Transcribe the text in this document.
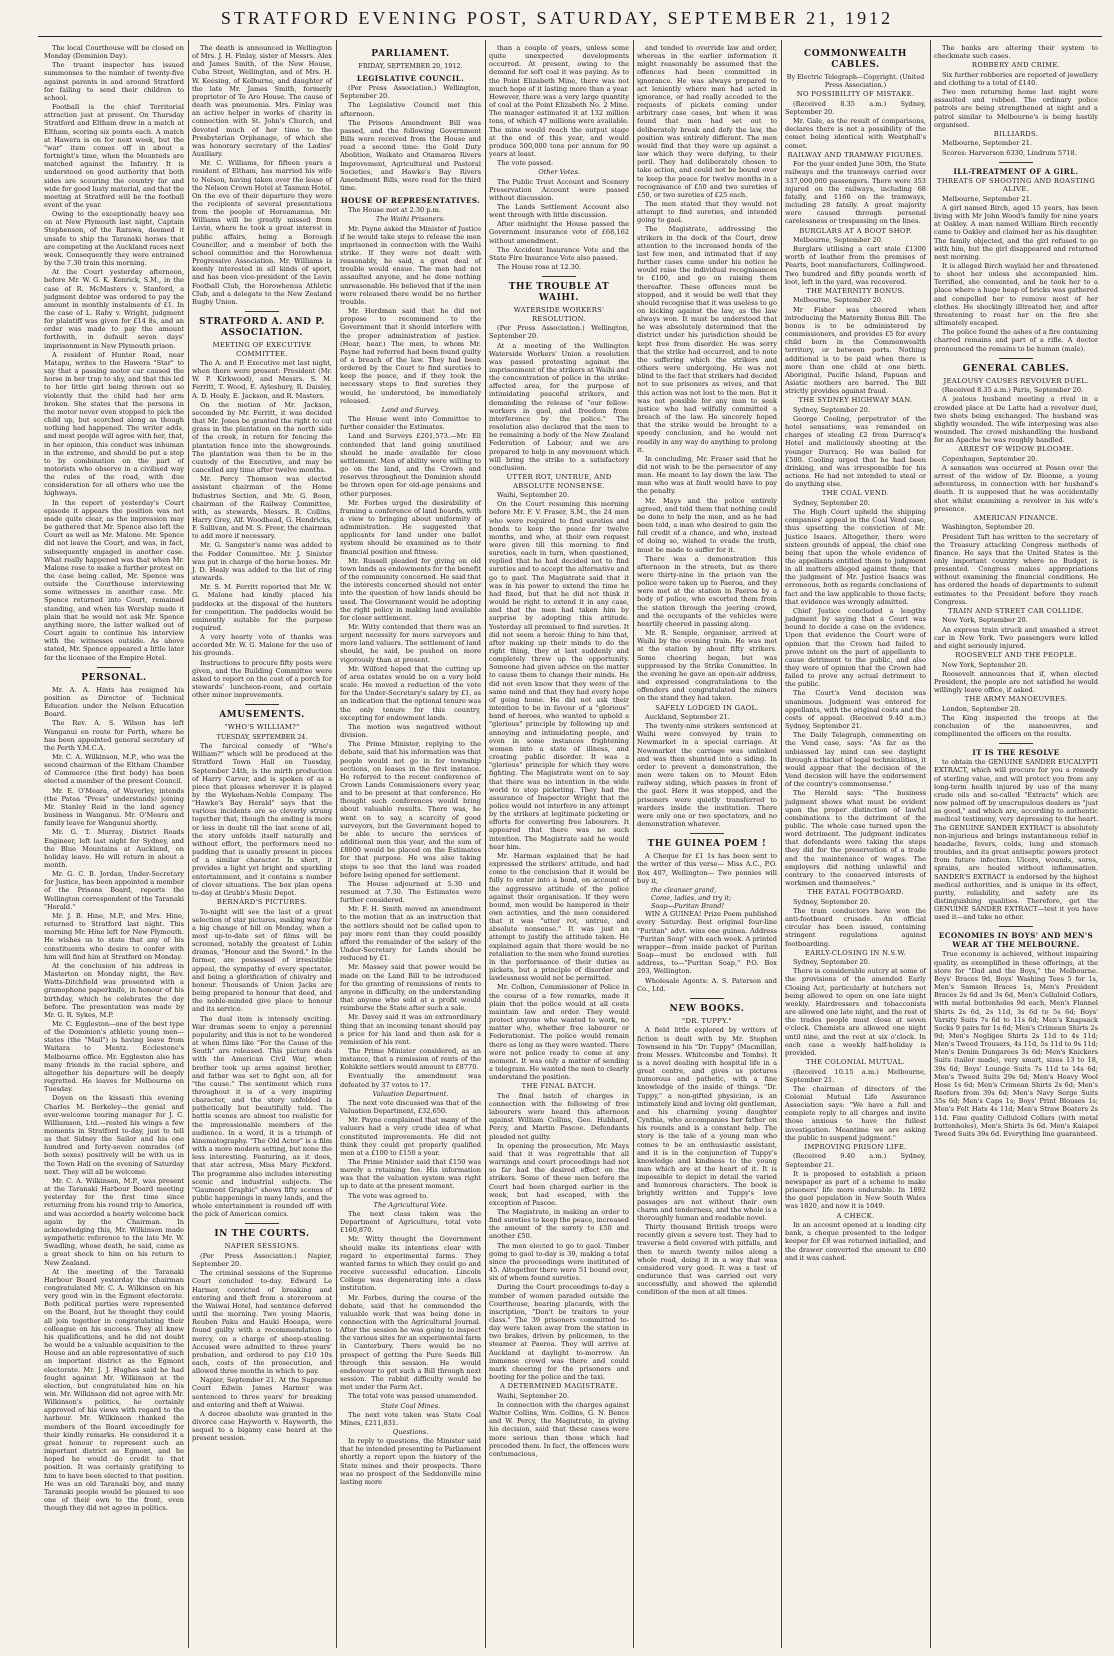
STRATFORD EVENING POST, SATURDAY, SEPTEMBER 21, 1912

The local Courthouse will be closed on Monday (Dominion Day).

The truant inspector has issued summonses to the number of twenty-five against parents in and around Stratford for failing to send their children to school.

Football is the chief Territorial attraction just at present. On Thursday Stratford and Eltham drew in a match at Eltham, scoring six points each. A match at Hawera is on for next week, but the "war" item comes off in about a fortnight's time, when the Mounteds are matched against the Infantry. It is understood on good authority that both sides are scouring the country far and wide for good lusty material, and that the meeting at Stratford will be the football event of the year.

Owing to the exceptionally heavy sea on at New Plymouth last night, Captain Stephenson, of the Rarawa, deemed it unsafe to ship the Taranaki horses that are competing at the Auckland races next week. Consequently they were entrained by the 7.30 train this morning.

At the Court yesterday afternoon, before Mr. W. G. K. Kenrick, S.M., in the case of R. McMasters v. Stanford, a judgment debtor was ordered to pay the amount in monthly instalments of £1. In the case of L. Raby v. Wright, judgment for plaintiff was given for £14 8s, and an order was made to pay the amount forthwith, in default seven days' imprisonment in New Plymouth prison.

A resident of Hunter Road, near Matapu, writes to the Hawera "Star" to say that a passing motor car caused the horse in her trap to shy, and that this led to her little girl being thrown out so violently that the child had her arm broken. She states that the persons in the motor never even stopped to pick the child up, but scorched along as though nothing had happened. The writer adds, and most people will agree with her, that, in her opinion, this conduct was inhuman in the extreme, and should be put a stop to by combination on the part of motorists who observe in a civilised way the rules of the road, with due consideration for all others who use the highways.

In the report of yesterday's Court episode it appears the position was not made quite clear, as the impression may be gathered that Mr. Spence also left the Court as well as Mr. Malone. Mr. Spence did not leave the Court, and was, in fact, subsequently engaged in another case. What really happened was that when Mr. Malone rose to make a further protest on the case being called, Mr. Spence was outside the Courthouse interviewing some witnesses in another case. Mr. Spence returned into Court, remained standing, and when his Worship made it plain that he would not ask Mr. Spence anything more, the latter walked out of Court again to continue his interview with the witnesses outside. As above stated, Mr. Spence appeared a little later for the licensee of the Empire Hotel.

PERSONAL.

Mr. A. A. Hints has resigned his position as Director of Technical Education under the Nelson Education Board.

The Rev. A. S. Wilson has left Wanganui en route for Perth, where he has been appointed general secretary of the Perth Y.M.C.A.

Mr. C. A. Wilkinson, M.P., who was the second chairman of the Eltham Chamber of Commerce (the first body) has been elected a member of the present Council.

Mr. E. O'Meara, of Waverley, intends (the Patea "Press" understands) joining Mr. Stanley Reid in the land agency business in Wanganui. Mr. O'Meara and family leave for Wanganui shortly.

Mr. G. T. Murray, District Roads Engineer, left last night for Sydney, and the Blue Mountains at Auckland, on holiday leave. He will return in about a month.

Mr. G. C. B. Jordan, Under-Secretary for Justice, has been appointed a member of the Prisons Board, reports the Wellington correspondent of the Taranaki "Herald."

Mr. J. B. Hine, M.P., and Mrs. Hine, returned to Stratford last night. This morning Mr. Hine left for New Plymouth. He wishes us to state that any of his constituents who desire to confer with him will find him at Stratford on Monday.

At the conclusion of his address in Masterton on Monday night, the Rev. Watts-Ditchfield was presented with a gramophone paperknife, in honour of his birthday, which he celebrates the day before. The presentation was made by Mr. G. R. Sykes, M.P.

Mr. C. Eggleston—one of the best type of the Dominion's athletic young men—states (the "Mail") is having leave from Waitara to Mentz. Ecclestone's Melbourne office. Mr. Eggleston also has many friends in the racial sphere, and altogether his departure will be deeply regretted. He leaves for Melbourne on Tuesday.

Doyen on the kissasti this evening Charles M. Berkeley—the genial and ever-welcome touring manager for J. C. Williamson, Ltd.—rested his wings a few moments in Stratford to-day, just to tell us that Sidney the Sailor and his one hundred and forty-seven comrades (of both sexes) positively will be with us in the Town Hall on the evening of Saturday next. They will all be welcome.

Mr. C. A. Wilkinson, M.P., was present at the Taranaki Harbour Board meeting yesterday for the first time since returning from his round trip to America, and was accorded a hearty welcome back again by the Chairman. In acknowledging this, Mr. Wilkinson made sympathetic reference to the late Mr. W. Swadling, whose death, he said, came as a great shock to him on his return to New Zealand.

At the meeting of the Taranaki Harbour Board yesterday the chairman congratulated Mr. C. A. Wilkinson on his very good win in the Egmont electorate. Both political parties were represented on the Board, but he thought they could all join together in congratulating their colleague on his success. They all knew his qualifications, and he did not doubt he would be a valuable acquisition to the House and an able representative of such an important district as the Egmont electorate. Mr. J. J. Hughes said he had fought against Mr. Wilkinson at the election, but congratulated him on his win. Mr. Wilkinson did not agree with Mr. Wilkinson's politics, he certainly approved of his views with regard to the harbour. Mr. Wilkinson thanked the members of the Board exceedingly for their kindly remarks. He considered it a great honour to represent such an important district as Egmont, and he hoped he would do credit to that position. It was certainly gratifying to him to have been elected to that position. He was an old Taranaki boy, and many Taranaki people would be pleased to see one of their own to the front, even though they did not agree in politics.

The death is announced in Wellington of Mrs. J. H. Finlay, sister of Messrs. Alex and James Smith, of the New House, Cuba Street, Wellington, and of Mrs. H. W. Keesing, of Kelburne, and daughter of the late Mr. James Smith, formerly proprietor of Te Aro House. The cause of death was pneumonia. Mrs. Finlay was an active helper in works of charity in connection with St. John's Church, and devoted much of her time to the Presbyterian Orphanage, of which she was honorary secretary of the Ladies' Auxiliary.

Mr. C. Williams, for fifteen years a resident of Eltham, has married his wife to Nelson, having taken over the lease of the Nelson Crown Hotel at Tasman Hotel. On the eve of their departure they were the recipients of several presentations from the people of Horoamanua. Mr. Williams will be greatly missed from Levin, where he took a great interest in public affairs, being a Borough Councillor, and a member of both the school committee and the Horowhenua Progressive Association. Mr. Williams is keenly interested in all kinds of sport, and has been vice-president of the Levin Football Club, the Horowhenua Athletic Club, and a delegate to the New Zealand Rugby Union.

STRATFORD A. AND P. ASSOCIATION.
MEETING OF EXECUTIVE COMMITTEE.

The A. and P. Executive met last night, when there were present: President (Mr. W. P. Kirkwood), and Messrs. S. M. Ferritt, T. Wood, E. Aylesbury, R. Daisley, A. D. Healy, E. Jackson, and R. Masters.

On the motion of Mr. Jackson, seconded by Mr. Ferritt, it was decided that Mr. Jones be granted the right to cut grass in the plantation on the north side of the creek, in return for fencing the plantation fence into the showgrounds. The plantation was then to be in the custody of the Executive, and may be cancelled any time after twelve months.

Mr. Percy Thomson was elected assistant chairman of the Home Industries Section, and Mr. G. Boon, chairman of the Railway Committee, with, as stewards, Messrs. R. Collins, Harry Grey, Alf. Woodhead, G. Hendricks, F. Sullivan, and M. S. Freer, the chairman to add more if necessary.

Mr. G. Sangster's name was added to the Fodder Committee. Mr. J. Sinister was put in charge of the horse boxes. Mr. J. D. Healy was added to the list of ring stewards.

Mr. S. M. Ferritt reported that Mr. W. G. Malone had kindly placed his paddocks at the disposal of the hunters for competition. The paddocks would be eminently suitable for the purpose required.

A very hearty vote of thanks was accorded Mr. W. G. Malone for the use of his grounds.

Instructions to procure fifty posts were given, and the Building Committee were asked to report on the cost of a porch for stewards' luncheon-room, and certain other minor improvements.

AMUSEMENTS.
"WHO'S WILLIAM?"
TUESDAY, SEPTEMBER 24.

The farcical comedy of "Who's William?" which will be produced at the Stratford Town Hall on Tuesday, September 24th, is the mirth production of Harry Carver, and is spoken of as a piece that pleases wherever it is played by the Wykeham-Noble Company. The "Hawke's Bay Herald" says that the various incidents are so cleverly strung together that, though the ending is more or less in doubt till the last scene of all, the story unfolds itself naturally and without effort, the performers need no padding that is usually present in pieces of a similar character. In short, it provides a light yet bright and sparkling entertainment, and it contains a number of clever situations. The box plan opens to-day at Grubb's Music Depot.

BERNARD'S PICTURES.

To-night will see the last of a great selection of star pictures, making way for a big change of bill on Monday, when a most up-to-date set of films will be screened, notably the greatest of Lubin dramas, "Honour and the Sword." In the former, are possessed of irresistible appeal, the sympathy of every spectator, and being a glorification of chivalry and honour. Thousands of Union Jacks are being prepared to honour that deed, and the noble-minded give place to honour and its service.

The dual item is intensely exciting. War dramas seem to enjoy a perennial popularity, and this is not to be wondered at when films like "For the Cause of the South" are released. This picture deals with the American Civil War, when brother took up arms against brother, and father was set to fight son, all for "the cause." The sentiment which runs throughout it is of a very inspiring character, and the story unfolded is pathetically but beautifully told. The battle scenes are almost too realistic for the impressionable members of the audience. In a word, it is a triumph of kinematography. "The Old Actor" is a film with a more modern setting, but none the less interesting. Featuring, as it does, that star actress, Miss Mary Pickford. The programme also includes interesting scenic and industrial subjects. The "Gaumont Graphic" shows fifty scenes of public happenings in many lands, and the whole entertainment is rounded off with the pick of American comics.

IN THE COURTS.
NAPIER SESSIONS.

(Per Press Association.) Napier, September 20.

The criminal sessions of the Supreme Court concluded to-day. Edward Le Harmer, convicted of breaking and entering and theft from a storeroom at the Waiwai Hotel, had sentence deferred until the morning. Two young Maoris, Reuben Paku and Hauki Hoeapa, were found guilty with a recommendation to mercy, on a charge of sheep-stealing. Accused were admitted to three years' probation, and ordered to pay £10 10s each, costs of the prosecution, and allowed three months in which to pay.

Napier, September 21. At the Supreme Court Edwin James Harmer was sentenced to three years' for breaking and entering and theft at Waiwai.

A decree absolute was granted in the divorce case Hayworth v. Hayworth, the sequel to a bigamy case heard at the present session.

PARLIAMENT.
FRIDAY, SEPTEMBER 20, 1912.
LEGISLATIVE COUNCIL.

(Per Press Association.) Wellington, September 20.

The Legislative Council met this afternoon.

The Prisons Amendment Bill was passed, and the following Government Bills were received from the House and read a second time: the Gold Duty Abolition, Waikato and Otamaroa Rivers Improvement, Agricultural and Pastoral Societies, and Hawke's Bay Rivers Amendment Bills, were read for the third time.

HOUSE OF REPRESENTATIVES.

The House met at 2.30 p.m.

The Waihi Prisoners.

Mr. Payne asked the Minister of Justice if he would take steps to release the men imprisoned in connection with the Waihi strike. If they were not dealt with reasonably, he said, a great deal of trouble would ensue. The men had not assaulted anyone, and he done nothing unreasonable. He believed that if the men were released there would be no further trouble.

Mr. Herdman said that he did not propose to recommend to the Government that it should interfere with the proper administration of justice. (Hear, hear.) The men, to whom Mr. Payne had referred had been found guilty of a breach of the law. They had been ordered by the Court to find sureties to keep the peace, and if they took the necessary steps to find sureties they would, he understood, be immediately released.

Land and Survey.

The House went into Committee to further consider the Estimates.

Land and Surveys £201,573.—Mr. Ell contended that land going unutilised should be made available for close settlement. Men of ability were willing to go on the land, and the Crown and reserves throughout the Dominion should be thrown open for old-age pensions and other purposes.

Mr. Forbes urged the desirability of framing a conference of land boards, with a view to bringing about uniformity of administration. He suggested that applicants for land under one ballot system should be examined as to their financial position and fitness.

Mr. Russell pleaded for giving on old town lands as endowments for the benefit of the community concerned. He said that the interests concerned should not enter into the question of how lands should be used. The Government would be adopting the right policy in making land available for closer settlement.

Mr. Witty contended that there was an urgent necessity for more surveyors and more land valuers. The settlement of land should, he said, be pushed on more vigorously than at present.

Mr. Wilford hoped that the cutting up of area estates would be on a very bold scale. He moved a reduction of the vote for the Under-Secretary's salary by £1, as an indication that the optional tenure was the only tenure for this country, excepting for endowment lands.

The motion was negatived without division.

The Prime Minister, replying to the debate, said that his information was that people would not go in for township sections, on leases in the first instance. He referred to the recent conference of Crown Lands Commissioners every year, and to be present at that conference. He thought such conferences would bring about valuable results. There was, he went on to say, a scarcity of good surveyors, but the Government hoped to be able to secure the services of additional men this year, and the sum of £8000 would be placed on the Estimates for that purpose. He was also taking steps to see that the land was roaded before being opened for settlement.

The House adjourned at 5.30 and resumed at 7.30. The Estimates were further considered.

Mr. F. H. Smith moved an amendment to the motion that as an instruction that the settlers should not be called upon to pay more rent than they could possibly afford the remainder of the salary of the Under-Secretary for Lands should be reduced by £1.

Mr. Massey said that power would be made on the Land Bill to be introduced for the granting of remissions of rents to anyone in difficulty, on the understanding that anyone who sold at a profit would reimburse the State after such a sale.

Mr. Davey said it was an extraordinary thing that an incoming tenant should pay a price for his land and then ask for a remission of his rent.

The Prime Minister considered, as an instance, that a remission of rents of the Kohikite settlers would amount to £8770.

Eventually the amendment was defeated by 37 votes to 17.

Valuation Department.

The next vote discussed was that of the Valuation Department, £32,650.

Mr. Payne complained that many of the valuers had a very crude idea of what constituted improvements. He did not think they could get properly qualified men at a £100 to £150 a year.

The Prime Minister said that £150 was merely a retaining fee. His information was that the valuation system was right up to date at the present moment.

The vote was agreed to.

The Agricultural Vote.

The next class taken was the Department of Agriculture, total vote £160,870.

Mr. Witty thought the Government should make its intentions clear with regard to experimental farms. They wanted farms to which they could go and receive successful education. Lincoln College was degenerating into a class institution.

Mr. Forbes, during the course of the debate, said that he commended the valuable work that was being done in connection with the Agricultural Journal. After the session he was going to inspect the various sites for an experimental farm in Canterbury. There would be no prospect of getting the Pure Seeds Bill through this session. He would endeavour to get such a Bill through next session. The rabbit difficulty would be met under the Farm Act.

The total vote was passed unamended.

State Coal Mines.

The next vote taken was State Coal Mines, £211,831.

Questions.

In reply to questions, the Minister said that he intended presenting to Parliament shortly a report upon the history of the State mines and their prospects. There was no prospect of the Seddonville mine lasting more

than a couple of years, unless some quite unexpected developments occurred. At present, owing to the demand for soft coal it was paying. As to the Point Elizabeth Mine, there was not much hope of it lasting more than a year. However, there was a very large quantity of coal at the Point Elizabeth No. 2 Mine. The manager estimated it at 132 million tons, of which 47 millions were available. The mine would reach the output stage at the end of this year, and would produce 500,000 tons per annum for 90 years at least.

The vote passed.

Other Votes.

The Public Trust Account and Scenery Preservation Account were passed without discussion.

The Lands Settlement Account also went through with little discussion.

After midnight the House passed the Government insurance vote of £68,162 without amendment.

The Accident Insurance Vote and the State Fire Insurance Vote also passed.

The House rose at 12.30.

THE TROUBLE AT WAIHI.
WATERSIDE WORKERS' RESOLUTION.

(Per Press Association.) Wellington, September 20.

At a meeting of the Wellington Waterside Workers' Union a resolution was passed protesting against the imprisonment of the strikers at Waihi and the concentration of police in the strike-affected area, for the purpose of intimidating peaceful strikers, and demanding the release of "our fellow-workers in gaol, and freedom from interference by the police." The resolution also declared that the men to be remaining a body of the New Zealand Federation of Labour, and we are prepared to help in any movement which will bring the strike to a satisfactory conclusion.

UTTER ROT, UNTRUE, AND ABSOLUTE NONSENSE.

Waihi, September 20.

On the Court resuming this morning before Mr. F. V. Fraser, S.M., the 24 men who were required to find sureties and bonds to keep the peace for twelve months, and who, at their own request were given till this morning to find sureties, each in turn, when questioned, replied that he had decided not to find sureties and to accept the alternative and go to gaol. The Magistrate said that it was in his power to extend the time he had fixed, but that he did not think it would be right to extend it in any case, and that the men had taken him by surprise by adopting this attitude. Yesterday all promised to find sureties. It did not seem a heroic thing to him that, after making up their minds to do the right thing, they at last suddenly and completely threw up the opportunity. Someone had given advice on the matter to cause them to change their minds. He did not even know that they were of the same mind and that they had every hope of going home. He did not ask their intention to be in favour of a "glorious" band of heroes, who wanted to uphold a "glorious" principle by following up and annoying and intimidating people, and even in some instances frightening women into a state of illness, and creating public disorder. It was a "glorious" principle for which they were fighting. The Magistrate went on to say that there was no intention in the wide world to stop picketing. They had the assurance of Inspector Wright that the police would not interfere in any attempt by the strikers at legitimate picketing or efforts for converting free labourers. It appeared that there was no such intention. The Magistrate said he would hear him.

Mr. Harman explained that he had expressed the strikers' attitude, and had come to the conclusion that it would be fully to enter into a bond, on account of the aggressive attitude of the police against their organisation. If they were bound, men would be hampered in their own activities, and the men considered that it was "utter rot, untrue, and absolute nonsense." It was just an attempt to justify the attitude taken. He explained again that there would be no retaliation to the men who found sureties in the performance of their duties as pickets, but a principle of disorder and lawlessness would not be permitted.

Mr. Colbon, Commissioner of Police in the course of a few remarks, made it plain that the police would at all costs maintain law and order. They would protect anyone who wanted to work, no matter who, whether free labourer or Federationist. The police would remain there as long as they were wanted. There were not police ready to come at any moment. It was only a matter of sending a telegram. He wanted the men to clearly understand the position.

THE FINAL BATCH.

The final batch of charges in connection with the following of free labourers were heard this afternoon against William Collins, Geo. Hubbard, Percy, and Martin Pascoe. Defendants pleaded not guilty.

In opening the prosecution, Mr. Mays said that it was regrettable that all warnings and court proceedings had not so far had the desired effect on the strikers. Some of these men before the Court had been charged earlier in the week, but had escaped, with the exception of Pascoe.

The Magistrate, in making an order to find sureties to keep the peace, increased the amount of the surety to £50 and another £50.

The men elected to go to gaol. Timber going to gaol to-day is 39, making a total since the proceedings were instituted of 45. Altogether there were 51 bound over, six of whom found sureties.

During the Court proceedings to-day a number of women paraded outside the Courthouse, bearing placards, with the inscription, "Don't be traitors to your class." The 39 prisoners committed to-day were taken away from the station in two brakes, driven by policemen, to the steamer at Paeroa. They will arrive at Auckland at daylight to-morrow. An immense crowd was there and could mark cheering for the prisoners and booting for the police and the taxi.

A DETERMINED MAGISTRATE.

Waihi, September 20.

In connection with the charges against Walter Collins, Wm. Collins, G. N. Bence and W. Percy, the Magistrate, in giving his decision, said that these cases were more serious than those which had preceded them. In fact, the offences were contumacious,

and tended to override law and order, whereas in the earlier information it might reasonably be assumed that the offences had been committed in ignorance. He was always prepared to act leniently where men had acted in ignorance, or had really acceded to the requests of pickets coming under arbitrary case cases, but when it was found that men had set out to deliberately break and defy the law, the position was entirely different. The men would find that they were up against a law which they were defying, to their peril. They had deliberately chosen to take action, and could not be bound over to keep the peace for twelve months in a recognisance of £50 and two sureties of £50, or two sureties of £25 each.

The men stated that they would not attempt to find sureties, and intended going to gaol.

The Magistrate, addressing the strikers in the dock of the Court, drew attention to the increased bonds of the last few men, and intimated that if any further cases came under his notice he would raise the individual recognisances to £100, and go on raising them thereafter. These offences must be stopped, and it would be well that they should recognise that it was useless to go on kicking against the law, as the law always won. It must be understood that he was absolutely determined that the district under his jurisdiction should be kept free from disorder. He was sorry that the strike had occurred, and to note the suffering which the strikers and others were undergoing. He was not blind to the fact that strikers had decided not to sue prisoners as wives, and that this action was not lost to the men. But it was not possible for any man to seek justice who had wilfully committed a breach of the law. He sincerely hoped that the strike would be brought to a speedy conclusion, and he would not readily in any way do anything to prolong it.

In concluding, Mr. Fraser said that he did not wish to be the persecutor of any man. He meant to lay down the law. The man who was at fault would have to pay the penalty.

Mr. Mays and the police entirely agreed, and told them that nothing could be done to help the men, and as he had been told, a man who desired to gain the full credit of a chance, and who, instead of doing so, wished to evade the truth, must be made to suffer for it.

There was a demonstration this afternoon in the streets, but as there were thirty-nine in the prison van the police were taken up to Paeroa, and they were met at the station in Paeroa by a body of police, who escorted them from the station through the jeering crowd, and the occupants of the vehicles were heartily cheered in passing along.

Mr. R. Semple, organiser, arrived at Waihi by the evening train. He was met at the station by about fifty strikers. Some cheering began, but was suppressed by the Strike Committee. In the evening he gave an open-air address, and expressed congratulations to the offenders and congratulated the miners on the stand they had taken.

SAFELY LODGED IN GAOL.

Auckland, September 21.

The twenty-nine strikers sentenced at Waihi were conveyed by train to Newmarket in a special carriage. At Newmarket the carriage was unlinked and was then shunted into a siding. In order to prevent a demonstration, the men were taken on to Mount Eden railway siding, which passes in front of the gaol. Here it was stopped, and the prisoners were quietly transferred to warders inside the institution. There were only one or two spectators, and no demonstration whatever.

THE GUINEA POEM !

A Cheque for £1 1s has been sent to the writer of this verse— Miss A.C., P.O. Box 407, Wellington— Two pennies will buy it,

the cleanser grand,

Come, ladies, and try it;

Soap—Puritan Brand!

WIN A GUINEA! Prize Poem published every Saturday. Best original four-line "Puritan" advt. wins one guinea. Address "Puritan Soap" with each week. A printed wrapper—from inside packet of Puritan Soap—must be enclosed with full address, to—"Puritan Soap," P.O. Box 203, Wellington.

Wholesale Agents: A. S. Paterson and Co., Ltd.

NEW BOOKS.
"DR. TUPPY."

A field little explored by writers of fiction is dealt with by Mr. Stephen Townsend in his "Dr. Tuppy" (Macmillan, from Messrs. Whitcombe and Tombs). It is a novel dealing with hospital life in a great centre, and gives us pictures humorous and pathetic, with a fine knowledge of the inside of things. "Dr. Tuppy," a non-gifted physician, is an intimately kind and loving old gentleman, and his charming young daughter Cynthia, who accompanies her father on his rounds and is a constant help. The story is the tale of a young man who comes to be an enthusiastic assistant, and it is in the conjunction of Tuppy's knowledge and kindness to the young man which are at the heart of it. It is impossible to depict in detail the varied and humorous characters. The book is brightly written and Tuppy's love passages are not without their own charm and tenderness, and the whole is a thoroughly human and readable novel.

Thirty thousand British troops were recently given a severe test. They had to traverse a field covered with pitfalls, and then to march twenty miles along a whole road, doing it in a way that was considered very good. It was a test of endurance that was carried out very successfully, and showed the splendid condition of the men at all times.

COMMONWEALTH CABLES.
By Electric Telegraph—Copyright. (United Press Association.)
NO POSSIBILITY OF MISTAKE.

(Received 8.35 a.m.) Sydney, September 20.

Mr. Gale, as the result of comparisons, declares there is not a possibility of the comet being identical with Westphall's comet.

RAILWAY AND TRAMWAY FIGURES.

For the year ended June 30th, the State railways and the tramways carried over 337,000,000 passengers. There were 353 injured on the railways, including 68 fatally, and 1166 on the tramways, including 28 fatally. A great majority were caused through personal carelessness or trespassing on the lines.

BURGLARS AT A BOOT SHOP.

Melbourne, September 20.

Burglars utilising a cart stole £1300 worth of leather from the premises of Pearts, boot manufacturers, Collingwood. Two hundred and fifty pounds worth of loot, left in the yard, was recovered.

THE MATERNITY BONUS.

Melbourne, September 20.

Mr Fisher was cheered when introducing the Maternity Bonus Bill. The bonus is to be administered by commissioners, and provides £5 for every child born in the Commonwealth territory, or between ports. Nothing additional is to be paid when there is more than one child at one birth. Aboriginal, Pacific Island, Papuan and Asiatic mothers are barred. The Bill strictly provides against fraud.

THE SYDNEY HIGHWAY MAN.

Sydney, September 20.

George Cooling, perpetrator of the hotel sensations, was remanded on charges of stealing £2 from Durracq's Hotel and maliciously shooting at the younger Durracq. He was bailed for £500. Cooling urged that he had been drinking, and was irresponsible for his actions. He had not intended to steal or do anything else.

THE COAL VEND.

Sydney, September 20.

The High Court upheld the shipping companies' appeal in the Coal Vend case, thus upsetting the conviction of Mr. Justice Isaacs. Altogether, there were sixteen grounds of appeal, the chief one being that upon the whole evidence of the appellants entitled them to judgment in all matters alleged against them; that the judgment of Mr. Justice Isaacs was erroneous, both as regards conclusions of fact and the law applicable to those facts; that evidence was wrongly admitted.

Chief Justice concluded a lengthy judgment by saying that a Court was bound to decide a case on the evidence. Upon that evidence the Court were of opinion that the Crown had failed to prove intent on the part of appellants to cause detriment to the public, and also they were of opinion that the Crown had failed to prove any actual detriment to the public.

The Court's Vend decision was unanimous. Judgment was entered for appellants, with the original costs and the costs of appeal. (Received 9.40 a.m.) Sydney, September 21.

The Daily Telegraph, commenting on the Vend case, says: "As far as the unbiassed lay mind can see daylight through a thicket of legal technicalities, it would appear that the decision of the Vend decision will have the endorsement of the country's commonsense."

The Herald says: "The business judgment shows what must be evident upon the proper distinction of lawful combinations to the detriment of the public. The whole case turned upon the word detriment. The judgment indicates that defendants were taking the steps they did for the preservation of a trade and the maintenance of wages. The employers did nothing unlawful and contrary to the conserved interests of workmen and themselves."

THE FATAL FOOTBOARD.

Sydney, September 20.

The tram conductors have won the anti-footboard crusade. An official circular has been issued, containing stringent regulations against footboarding.

EARLY-CLOSING IN N.S.W.

Sydney, September 20.

There is considerable outcry at some of the provisions of the amended Early Closing Act, particularly at butchers not being allowed to open on one late night weekly. Hairdressers and tobacconists are allowed one late night, and the rest of the trades people must close at seven o'clock. Chemists are allowed one night until nine, and the rest at six o'clock. In each case a weekly half-holiday is provided.

THE COLONIAL MUTUAL.

(Received 10.15 a.m.) Melbourne, September 21.

The chairman of directors of the Colonial Mutual Life Assurance Association says: "We have a full and complete reply to all charges and invite those anxious to have the fullest investigation. Meantime we are asking the public to suspend judgment."

IMPROVING PRISON LIFE.

(Received 9.40 a.m.) Sydney, September 21.

It is proposed to establish a prison newspaper as part of a scheme to make prisoners' life more endurable. In 1892 the gaol population in New South Wales was 1820, and now it is 1049.

A CHECK.

In an account opened at a leading city bank, a cheque presented to the ledger keeper for £8 was returned initialled, and the drawer converted the amount to £80 and it was cashed.

The banks are altering their system to checkmate such cases.

ROBBERY AND CRIME.

Six further robberies are reported of jewellery and clothing to a total of £140.

Two men returning home last night were assaulted and robbed. The ordinary police patrols are being strengthened at night and a patrol similar to Melbourne's is being hastily organised.

BILLIARDS.

Melbourne, September 21.

Scores: Harverson 6330, Lindrum 5718.

ILL-TREATMENT OF A GIRL.
THREATS OF SHOOTING AND ROASTING ALIVE.

Melbourne, September 21.

A girl named Birch, aged 15 years, has been living with Mr John Wood's family for nine years at Oakley. A man named William Birch recently came to Oakley and claimed her as his daughter. The family objected, and the girl refused to go with him, but the girl disappeared and returned next morning.

It is alleged Birch waylaid her and threatened to shoot her unless she accompanied him. Terrified, she consented, and he took her to a place where a huge heap of bricks was gathered and compelled her to remove most of her clothes. He shockingly illtreated her, and after threatening to roast her on the fire she ultimately escaped.

The police found the ashes of a fire containing charred remains and part of a rifle. A doctor pronounced the remains to be human (male).

GENERAL CABLES.
JEALOUSY CAUSES REVOLVER DUEL.

(Received 8.35 a.m.) Paris, September 20.

A jealous husband meeting a rival in a crowded place at De Latte had a revolver duel, two shots being exchanged. The husband was slightly wounded. The wife interposing was also wounded. The crowd mishandling the husband for an Apache he was roughly handled.

ARREST OF WIDOW BLOOME.

Copenhagen, September 20.

A sensation was occurred at Posen over the arrest of the widow of Dr. Bloome, a young adventuress, in connection with her husband's death. It is supposed that he was accidentally shot whilst examining a revolver in his wife's presence.

AMERICAN FINANCE.

Washington, September 20.

President Taft has written to the secretary of the Treasury attacking Congress methods of finance. He says that the United States is the only important country where no Budget is presented. Congress makes appropriations without examining the financial conditions. He has ordered the heads of departments to submit estimates to the President before they reach Congress.

TRAIN AND STREET CAR COLLIDE.

New York, September 20.

An express train struck and smashed a street car in New York. Two passengers were killed and eight seriously injured.

ROOSEVELT AND THE PEOPLE.

New York, September 20.

Roosevelt announces that if, when elected President, the people are not satisfied he would willingly leave office, if asked.

THE ARMY MANOEUVRES.

London, September 20.

The King inspected the troops at the conclusion of the manoeuvres, and complimented the officers on the results.

IT IS THE RESOLVE

to obtain the GENUINE SANDER EUCALYPTI EXTRACT, which will procure for you a remedy of sterling value, and will protect you from any long-term health injured by use of the many crude oils and so-called "Extracts" which are now palmed off by unscrupulous dealers as "just as good," and which are, according to authentic medical testimony, very depressing to the heart. The GENUINE SANDER EXTRACT is absolutely non-injurious and brings instantaneous relief in headache, fevers, colds, lung and stomach troubles, and its great antiseptic powers protect from future infection. Ulcers, wounds, sores, sprains, are healed without inflammation. SANDER'S EXTRACT is endorsed by the highest medical authorities, and is unique in its effect, purity, reliability, and safety are its distinguishing qualities. Therefore, get the GENUINE SANDER EXTRACT—test it you have used it—and take no other.

ECONOMIES IN BOYS' AND MEN'S WEAR AT THE MELBOURNE.

True economy is achieved, without impairing quality, as exemplified in these offerings, at the store for "Dad and the Boys," the Melbourne. Boys' Braces 9d, Boys' Washing Tees 5 for 1s, Men's Samson Braces 1s, Men's President Braces 2s 6d and 3s 6d, Men's Celluloid Collars, with metal buttonholes 9d each, Men's Flannel Shirts 2s 6d, 2s 11d, 3s 6d to 5s 6d; Boys' Varsity Suits 7s 6d to 11s 6d; Men's Knapsack Socks 9 pairs for 1s 6d; Men's Crimean Shirts 2s 9d; Men's Negligee Shirts 2s 11d to 4s 11d; Men's Tweed Trousers, 4s 11d, 5s 11d to 9s 11d; Men's Denim Dungarees 3s 6d; Men's Knickers Suits (tailor made), very smart, sizes 13 to 18, 39s 6d; Boys' Lounge Suits 7s 11d to 14s 6d; Men's Tweed Suits 29s 6d; Men's Heavy Wool Hose 1s 6d; Men's Crimean Shirts 2s 6d; Men's Reefers from 39s 6d; Men's Navy Serge Suits 35s 6d; Men's Caps 1s; Boys' Print Blouses 1s; Men's Felt Hats 4s 11d; Men's Straw Boaters 2s 11d. Fine quality Celluloid Collars (with metal buttonholes), Men's Shirts 3s 6d. Men's Kaiapoi Tweed Suits 39s 6d. Everything line guaranteed.
